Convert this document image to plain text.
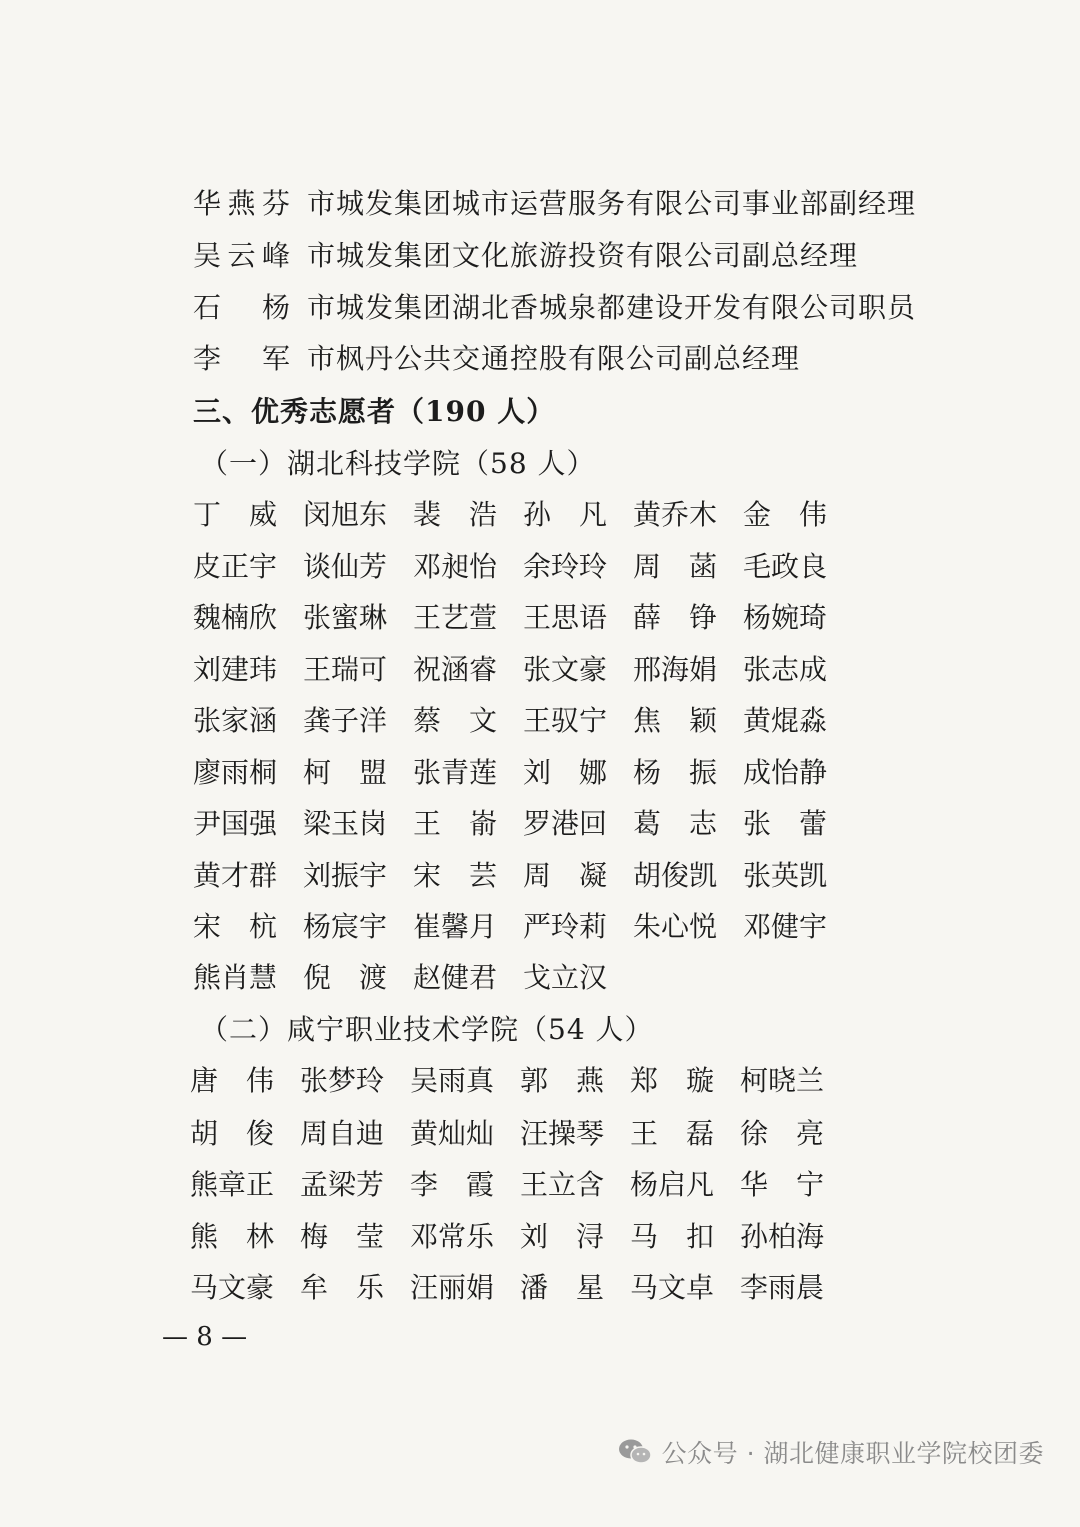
华燕芬 市城发集团城市运营服务有限公司事业部副经理
吴云峰 市城发集团文化旅游投资有限公司副总经理
石　杨 市城发集团湖北香城泉都建设开发有限公司职员
李　军 市枫丹公共交通控股有限公司副总经理
三、优秀志愿者（190 人）
（一）湖北科技学院（58 人）
丁　威 闵旭东 裴　浩 孙　凡 黄乔木 金　伟
皮正宇 谈仙芳 邓昶怡 余玲玲 周　菡 毛政良
魏楠欣 张蜜琳 王艺萱 王思语 薛　铮 杨婉琦
刘建玮 王瑞可 祝涵睿 张文豪 邢海娟 张志成
张家涵 龚子洋 蔡　文 王驭宁 焦　颖 黄焜淼
廖雨桐 柯　盟 张青莲 刘　娜 杨　振 成怡静
尹国强 梁玉岗 王　嵛 罗港回 葛　志 张　蕾
黄才群 刘振宇 宋　芸 周　凝 胡俊凯 张英凯
宋　杭 杨宸宇 崔馨月 严玲莉 朱心悦 邓健宇
熊肖慧 倪　渡 赵健君 戈立汉
（二）咸宁职业技术学院（54 人）
唐　伟 张梦玲 吴雨真 郭　燕 郑　璇 柯晓兰
胡　俊 周自迪 黄灿灿 汪操琴 王　磊 徐　亮
熊章正 孟梁芳 李　霞 王立含 杨启凡 华　宁
熊　林 梅　莹 邓常乐 刘　浔 马　扣 孙柏海
马文豪 牟　乐 汪丽娟 潘　星 马文卓 李雨晨
— 8 —
公众号 · 湖北健康职业学院校团委
